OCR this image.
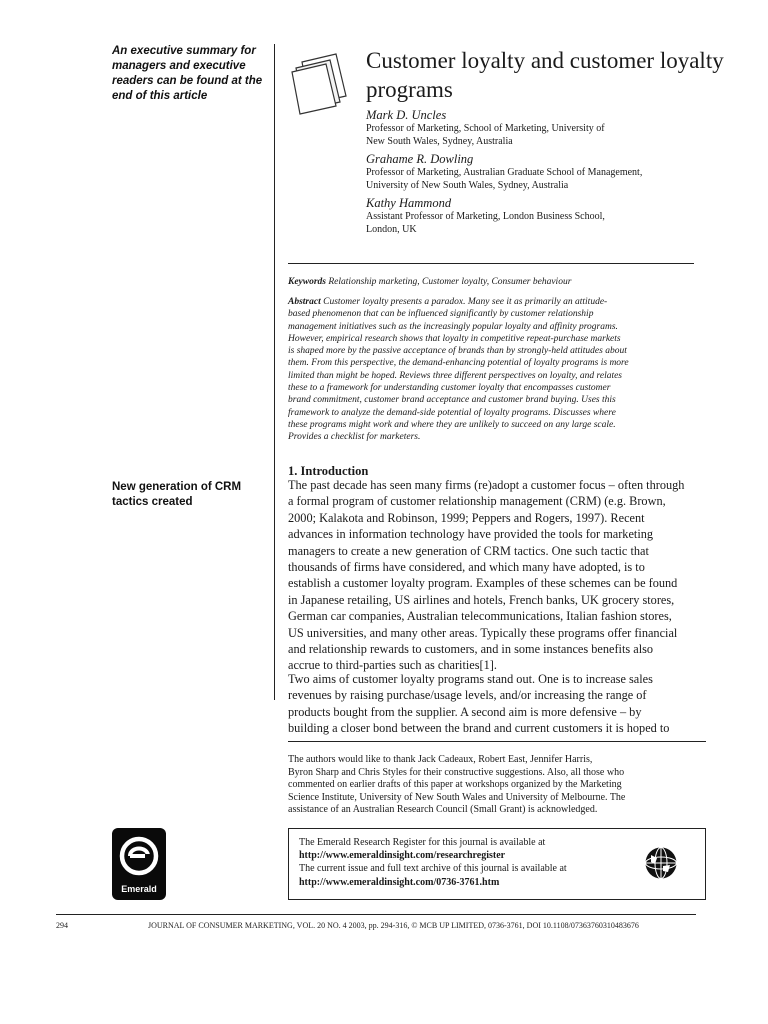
An executive summary for managers and executive readers can be found at the end of this article
New generation of CRM tactics created
Customer loyalty and customer loyalty programs
Mark D. Uncles
Professor of Marketing, School of Marketing, University of
New South Wales, Sydney, Australia
Grahame R. Dowling
Professor of Marketing, Australian Graduate School of Management,
University of New South Wales, Sydney, Australia
Kathy Hammond
Assistant Professor of Marketing, London Business School,
London, UK
Keywords Relationship marketing, Customer loyalty, Consumer behaviour
Abstract Customer loyalty presents a paradox. Many see it as primarily an attitude-
based phenomenon that can be influenced significantly by customer relationship
management initiatives such as the increasingly popular loyalty and affinity programs.
However, empirical research shows that loyalty in competitive repeat-purchase markets
is shaped more by the passive acceptance of brands than by strongly-held attitudes about
them. From this perspective, the demand-enhancing potential of loyalty programs is more
limited than might be hoped. Reviews three different perspectives on loyalty, and relates
these to a framework for understanding customer loyalty that encompasses customer
brand commitment, customer brand acceptance and customer brand buying. Uses this
framework to analyze the demand-side potential of loyalty programs. Discusses where
these programs might work and where they are unlikely to succeed on any large scale.
Provides a checklist for marketers.
1. Introduction
The past decade has seen many firms (re)adopt a customer focus – often through
a formal program of customer relationship management (CRM) (e.g. Brown,
2000; Kalakota and Robinson, 1999; Peppers and Rogers, 1997). Recent
advances in information technology have provided the tools for marketing
managers to create a new generation of CRM tactics. One such tactic that
thousands of firms have considered, and which many have adopted, is to
establish a customer loyalty program. Examples of these schemes can be found
in Japanese retailing, US airlines and hotels, French banks, UK grocery stores,
German car companies, Australian telecommunications, Italian fashion stores,
US universities, and many other areas. Typically these programs offer financial
and relationship rewards to customers, and in some instances benefits also
accrue to third-parties such as charities[1].
Two aims of customer loyalty programs stand out. One is to increase sales
revenues by raising purchase/usage levels, and/or increasing the range of
products bought from the supplier. A second aim is more defensive – by
building a closer bond between the brand and current customers it is hoped to
The authors would like to thank Jack Cadeaux, Robert East, Jennifer Harris,
Byron Sharp and Chris Styles for their constructive suggestions. Also, all those who
commented on earlier drafts of this paper at workshops organized by the Marketing
Science Institute, University of New South Wales and University of Melbourne. The
assistance of an Australian Research Council (Small Grant) is acknowledged.
The Emerald Research Register for this journal is available at
http://www.emeraldinsight.com/researchregister
The current issue and full text archive of this journal is available at
http://www.emeraldinsight.com/0736-3761.htm
Emerald
294	JOURNAL OF CONSUMER MARKETING, VOL. 20 NO. 4 2003, pp. 294-316, © MCB UP LIMITED, 0736-3761, DOI 10.1108/07363760310483676
